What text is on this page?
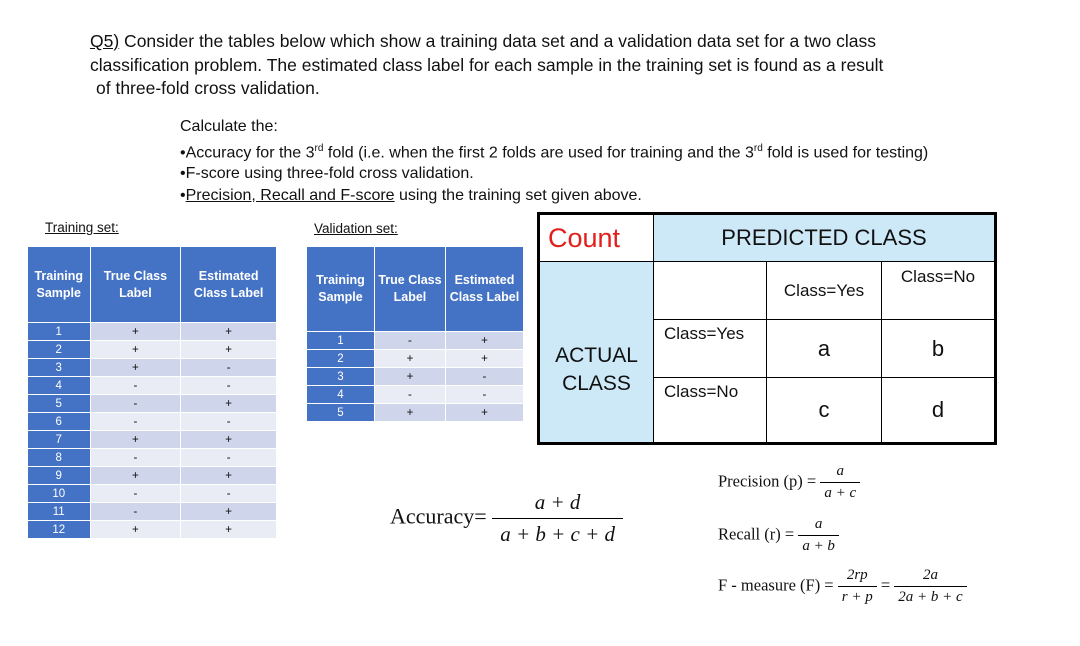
Q5) Consider the tables below which show a training data set and a validation data set for a two class
classification problem. The estimated class label for each sample in the training set is found as a result
of three-fold cross validation.
Calculate the:
•Accuracy for the 3rd fold (i.e. when the first 2 folds are used for training and the 3rd fold is used for testing)
•F-score using three-fold cross validation.
•Precision, Recall and F-score using the training set given above.
Training set:
Training Sample	True Class Label	Estimated Class Label
1	+	+
2	+	+
3	+	-
4	-	-
5	-	+
6	-	-
7	+	+
8	-	-
9	+	+
10	-	-
11	-	+
12	+	+
Validation set:
Training Sample	True Class Label	Estimated Class Label
1	-	+
2	+	+
3	+	-
4	-	-
5	+	+
Count	PREDICTED CLASS		

ACTUAL
CLASS		Class=Yes	Class=No
	Class=Yes	a	b
	Class=No	c	d
Accuracy= $\frac{a + d}{a + b + c + d}$
Precision $(p) = \frac{a}{a + c}$
Recall $(r) = \frac{a}{a + b}$
F - measure $(F) = \frac{2rp}{r + p} = \frac{2a}{2a + b + c}$
